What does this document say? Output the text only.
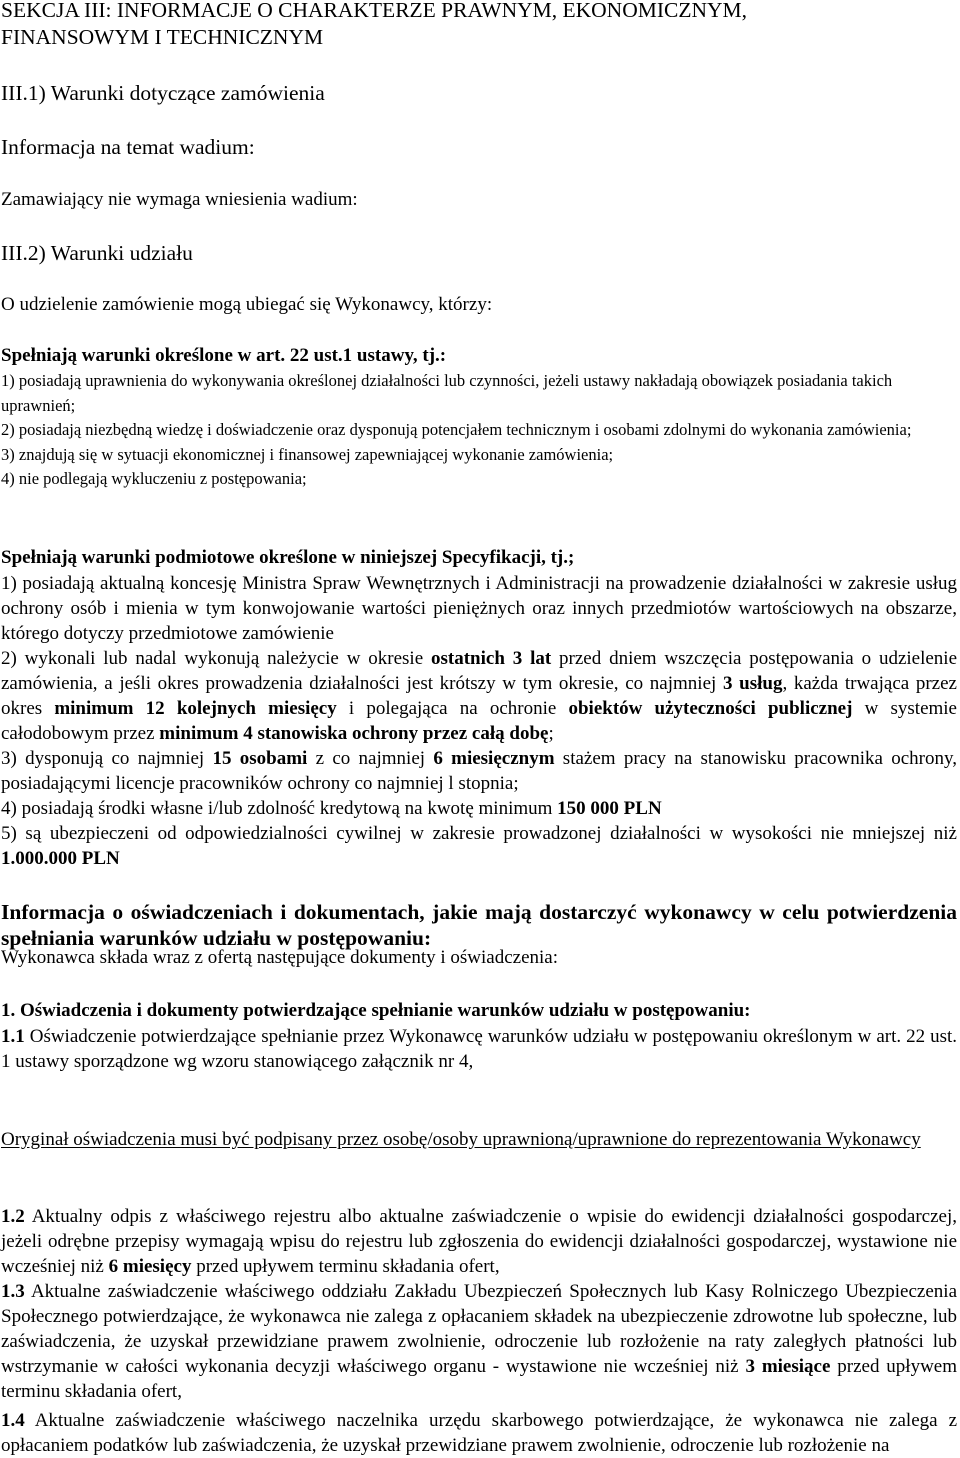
SEKCJA III: INFORMACJE O CHARAKTERZE PRAWNYM, EKONOMICZNYM,
FINANSOWYM I TECHNICZNYM

III.1) Warunki dotyczące zamówienia

Informacja na temat wadium:

Zamawiający nie wymaga wniesienia wadium:

III.2) Warunki udziału

O udzielenie zamówienie mogą ubiegać się Wykonawcy, którzy:

Spełniają warunki określone w art. 22 ust.1 ustawy, tj.:

1) posiadają uprawnienia do wykonywania określonej działalności lub czynności, jeżeli ustawy nakładają obowiązek posiadania takich uprawnień;
2) posiadają niezbędną wiedzę i doświadczenie oraz dysponują potencjałem technicznym i osobami zdolnymi do wykonania zamówienia;
3) znajdują się w sytuacji ekonomicznej i finansowej zapewniającej wykonanie zamówienia;
4) nie podlegają wykluczeniu z postępowania;

Spełniają warunki podmiotowe określone w niniejszej Specyfikacji, tj.;

1) posiadają aktualną koncesję Ministra Spraw Wewnętrznych i Administracji na prowadzenie działalności w zakresie usług ochrony osób i mienia w tym konwojowanie wartości pieniężnych oraz innych przedmiotów wartościowych na obszarze, którego dotyczy przedmiotowe zamówienie
2) wykonali lub nadal wykonują należycie w okresie ostatnich 3 lat przed dniem wszczęcia postępowania o udzielenie zamówienia, a jeśli okres prowadzenia działalności jest krótszy w tym okresie, co najmniej 3 usług, każda trwająca przez okres minimum 12 kolejnych miesięcy i polegająca na ochronie obiektów użyteczności publicznej w systemie całodobowym przez minimum 4 stanowiska ochrony przez całą dobę;
3) dysponują co najmniej 15 osobami z co najmniej 6 miesięcznym stażem pracy na stanowisku pracownika ochrony, posiadającymi licencje pracowników ochrony co najmniej l stopnia;
4) posiadają środki własne i/lub zdolność kredytową na kwotę minimum 150 000 PLN
5) są ubezpieczeni od odpowiedzialności cywilnej w zakresie prowadzonej działalności w wysokości nie mniejszej niż 1.000.000 PLN

Informacja o oświadczeniach i dokumentach, jakie mają dostarczyć wykonawcy w celu potwierdzenia spełniania warunków udziału w postępowaniu:

Wykonawca składa wraz z ofertą następujące dokumenty i oświadczenia:

1. Oświadczenia i dokumenty potwierdzające spełnianie warunków udziału w postępowaniu:

1.1 Oświadczenie potwierdzające spełnianie przez Wykonawcę warunków udziału w postępowaniu określonym w art. 22 ust. 1 ustawy sporządzone wg wzoru stanowiącego załącznik nr 4,

Oryginał oświadczenia musi być podpisany przez osobę/osoby uprawnioną/uprawnione do reprezentowania Wykonawcy

1.2 Aktualny odpis z właściwego rejestru albo aktualne zaświadczenie o wpisie do ewidencji działalności gospodarczej, jeżeli odrębne przepisy wymagają wpisu do rejestru lub zgłoszenia do ewidencji działalności gospodarczej, wystawione nie wcześniej niż 6 miesięcy przed upływem terminu składania ofert,

1.3 Aktualne zaświadczenie właściwego oddziału Zakładu Ubezpieczeń Społecznych lub Kasy Rolniczego Ubezpieczenia Społecznego potwierdzające, że wykonawca nie zalega z opłacaniem składek na ubezpieczenie zdrowotne lub społeczne, lub zaświadczenia, że uzyskał przewidziane prawem zwolnienie, odroczenie lub rozłożenie na raty zaległych płatności lub wstrzymanie w całości wykonania decyzji właściwego organu - wystawione nie wcześniej niż 3 miesiące przed upływem terminu składania ofert,

1.4 Aktualne zaświadczenie właściwego naczelnika urzędu skarbowego potwierdzające, że wykonawca nie zalega z opłacaniem podatków lub zaświadczenia, że uzyskał przewidziane prawem zwolnienie, odroczenie lub rozłożenie na
